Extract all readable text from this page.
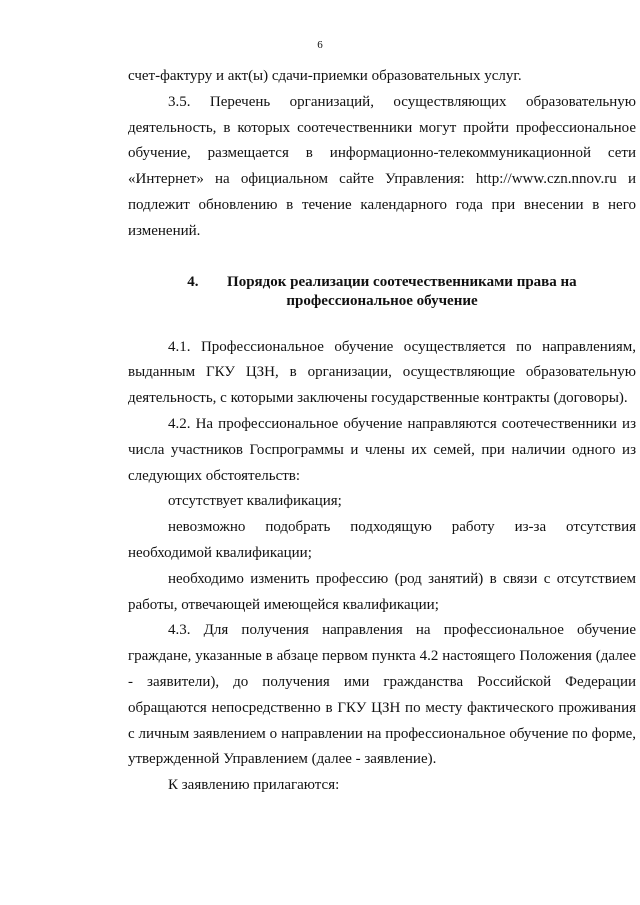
6

счет-фактуру и акт(ы) сдачи-приемки образовательных услуг.

3.5. Перечень организаций, осуществляющих образовательную деятельность, в которых соотечественники могут пройти профессиональное обучение, размещается в информационно-телекоммуникационной сети «Интернет» на официальном сайте Управления: http://www.czn.nnov.ru и подлежит обновлению в течение календарного года при внесении в него изменений.

4. Порядок реализации соотечественниками права на
профессиональное обучение

4.1. Профессиональное обучение осуществляется по направлениям, выданным ГКУ ЦЗН, в организации, осуществляющие образовательную деятельность, с которыми заключены государственные контракты (договоры).

4.2. На профессиональное обучение направляются соотечественники из числа участников Госпрограммы и члены их семей, при наличии одного из следующих обстоятельств:

отсутствует квалификация;

невозможно подобрать подходящую работу из-за отсутствия необходимой квалификации;

необходимо изменить профессию (род занятий) в связи с отсутствием работы, отвечающей имеющейся квалификации;

4.3. Для получения направления на профессиональное обучение граждане, указанные в абзаце первом пункта 4.2 настоящего Положения (далее - заявители), до получения ими гражданства Российской Федерации обращаются непосредственно в ГКУ ЦЗН по месту фактического проживания с личным заявлением о направлении на профессиональное обучение по форме, утвержденной Управлением (далее - заявление).

К заявлению прилагаются:
